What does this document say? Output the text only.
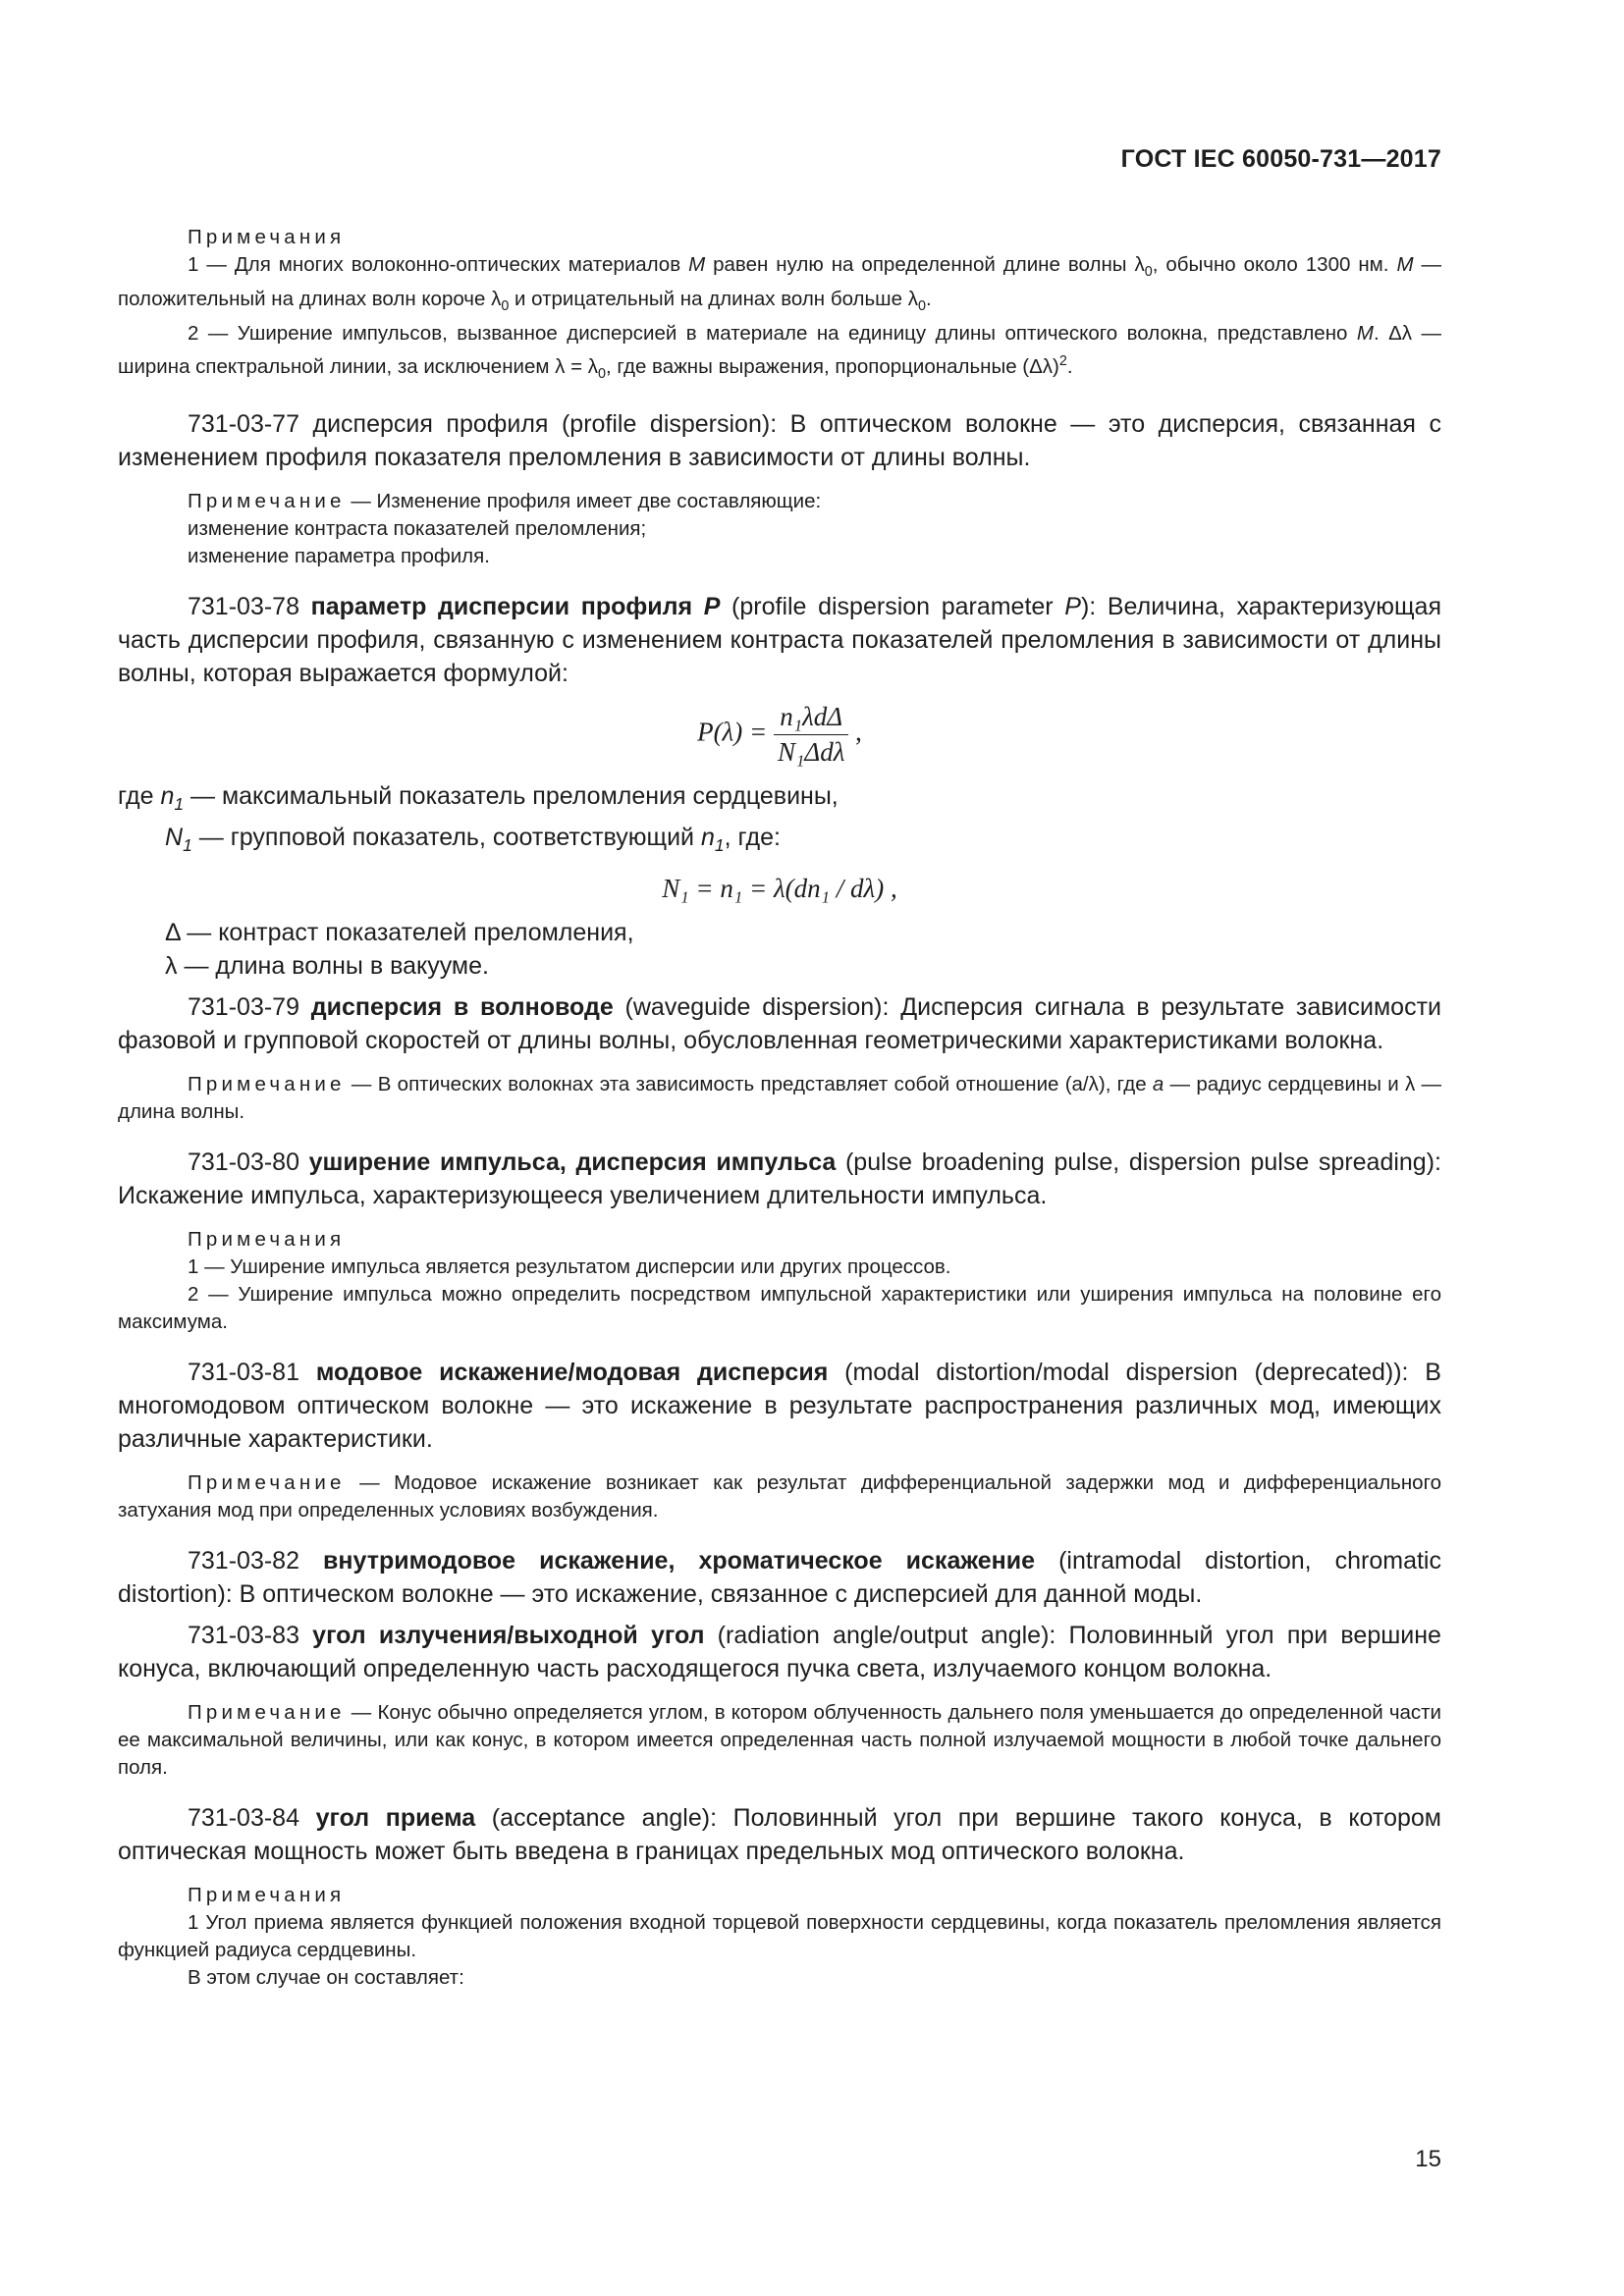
ГОСТ IEC 60050-731—2017

Примечания

1 — Для многих волоконно-оптических материалов M равен нулю на определенной длине волны $\lambda_0$, обычно около 1300 нм. M — положительный на длинах волн короче $\lambda_0$ и отрицательный на длинах волн больше $\lambda_0$.

2 — Уширение импульсов, вызванное дисперсией в материале на единицу длины оптического волокна, представлено M. Δλ — ширина спектральной линии, за исключением $\lambda = \lambda_0$, где важны выражения, пропорциональные $(\Delta\lambda)^2$.

731-03-77 дисперсия профиля (profile dispersion): В оптическом волокне — это дисперсия, связанная с изменением профиля показателя преломления в зависимости от длины волны.

Примечание — Изменение профиля имеет две составляющие:

изменение контраста показателей преломления;

изменение параметра профиля.

731-03-78 параметр дисперсии профиля P (profile dispersion parameter P): Величина, характеризующая часть дисперсии профиля, связанную с изменением контраста показателей преломления в зависимости от длины волны, которая выражается формулой:

$P(\lambda) = \frac{\text{n₁λdΔ}}{\text{N₁Δdλ}}$ ,

где $n_1$ — максимальный показатель преломления сердцевины,

$N_1$ — групповой показатель, соответствующий $n_1$, где:

N₁ = n₁ = λ(dn₁ / dλ) ,

Δ — контраст показателей преломления,

λ — длина волны в вакууме.

731-03-79 дисперсия в волноводе (waveguide dispersion): Дисперсия сигнала в результате зависимости фазовой и групповой скоростей от длины волны, обусловленная геометрическими характеристиками волокна.

Примечание — В оптических волокнах эта зависимость представляет собой отношение (a/λ), где a — радиус сердцевины и λ — длина волны.

731-03-80 уширение импульса, дисперсия импульса (pulse broadening pulse, dispersion pulse spreading): Искажение импульса, характеризующееся увеличением длительности импульса.

Примечания

1 — Уширение импульса является результатом дисперсии или других процессов.

2 — Уширение импульса можно определить посредством импульсной характеристики или уширения импульса на половине его максимума.

731-03-81 модовое искажение/модовая дисперсия (modal distortion/modal dispersion (deprecated)): В многомодовом оптическом волокне — это искажение в результате распространения различных мод, имеющих различные характеристики.

Примечание — Модовое искажение возникает как результат дифференциальной задержки мод и дифференциального затухания мод при определенных условиях возбуждения.

731-03-82 внутримодовое искажение, хроматическое искажение (intramodal distortion, chromatic distortion): В оптическом волокне — это искажение, связанное с дисперсией для данной моды.

731-03-83 угол излучения/выходной угол (radiation angle/output angle): Половинный угол при вершине конуса, включающий определенную часть расходящегося пучка света, излучаемого концом волокна.

Примечание — Конус обычно определяется углом, в котором облученность дальнего поля уменьшается до определенной части ее максимальной величины, или как конус, в котором имеется определенная часть полной излучаемой мощности в любой точке дальнего поля.

731-03-84 угол приема (acceptance angle): Половинный угол при вершине такого конуса, в котором оптическая мощность может быть введена в границах предельных мод оптического волокна.

Примечания

1 Угол приема является функцией положения входной торцевой поверхности сердцевины, когда показатель преломления является функцией радиуса сердцевины.

В этом случае он составляет:

15
